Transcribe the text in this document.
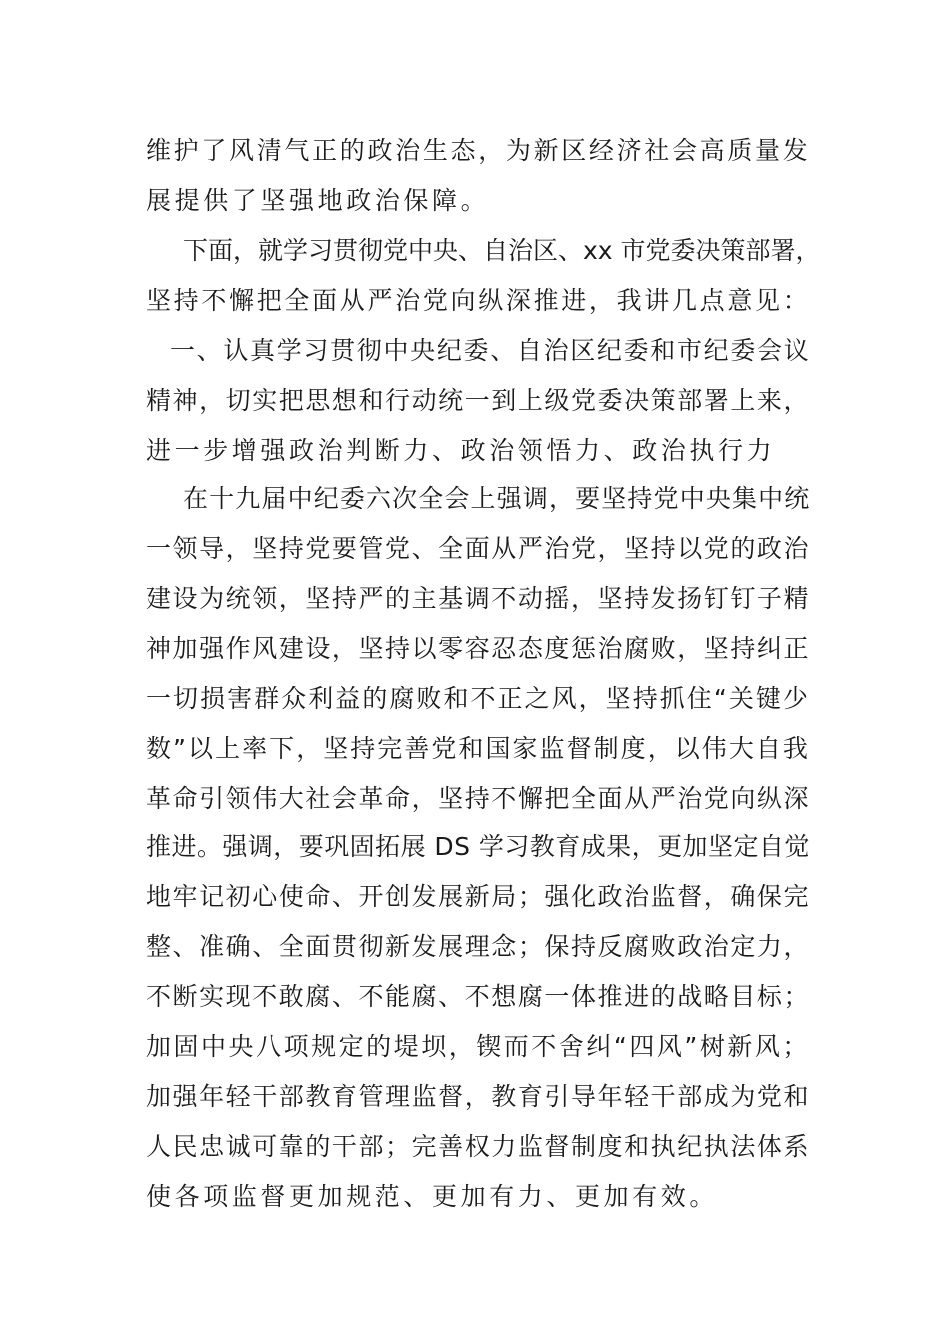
维护了风清气正的政治生态，为新区经济社会高质量发
展提供了坚强地政治保障。
下面，就学习贯彻党中央、自治区、xx 市党委决策部署，
坚持不懈把全面从严治党向纵深推进，我讲几点意见：
一、认真学习贯彻中央纪委、自治区纪委和市纪委会议
精神，切实把思想和行动统一到上级党委决策部署上来，
进一步增强政治判断力、政治领悟力、政治执行力
在十九届中纪委六次全会上强调，要坚持党中央集中统
一领导，坚持党要管党、全面从严治党，坚持以党的政治
建设为统领，坚持严的主基调不动摇，坚持发扬钉钉子精
神加强作风建设，坚持以零容忍态度惩治腐败，坚持纠正
一切损害群众利益的腐败和不正之风，坚持抓住“关键少
数”以上率下，坚持完善党和国家监督制度，以伟大自我
革命引领伟大社会革命，坚持不懈把全面从严治党向纵深
推进。强调，要巩固拓展 DS 学习教育成果，更加坚定自觉
地牢记初心使命、开创发展新局；强化政治监督，确保完
整、准确、全面贯彻新发展理念；保持反腐败政治定力，
不断实现不敢腐、不能腐、不想腐一体推进的战略目标；
加固中央八项规定的堤坝，锲而不舍纠“四风”树新风；
加强年轻干部教育管理监督，教育引导年轻干部成为党和
人民忠诚可靠的干部；完善权力监督制度和执纪执法体系
使各项监督更加规范、更加有力、更加有效。
